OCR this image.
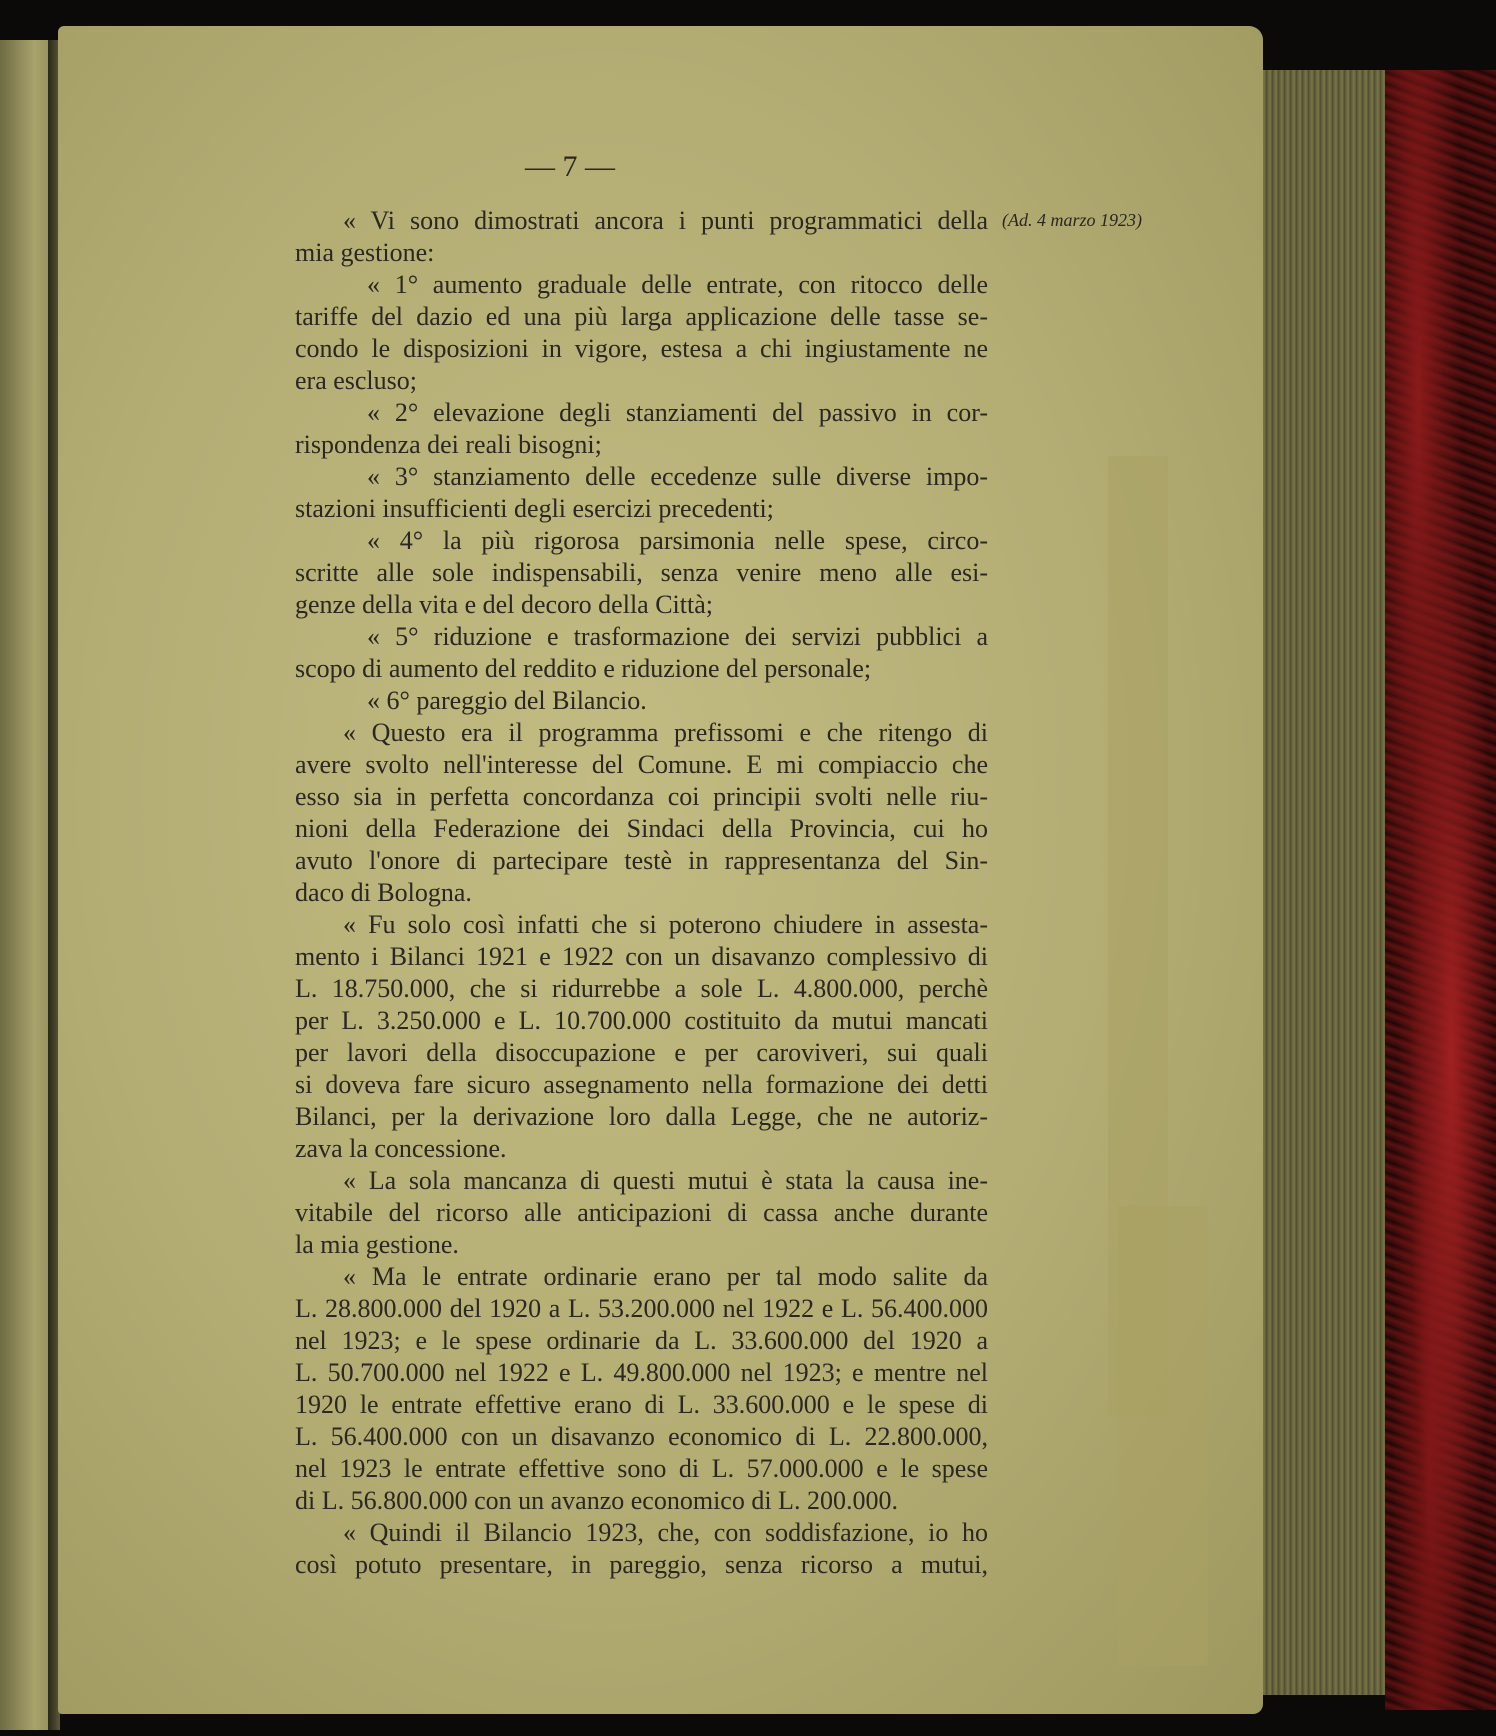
— 7 —
(Ad. 4 marzo 1923)
« Vi sono dimostrati ancora i punti programmatici della
mia gestione:
« 1° aumento graduale delle entrate, con ritocco delle
tariffe del dazio ed una più larga applicazione delle tasse se-
condo le disposizioni in vigore, estesa a chi ingiustamente ne
era escluso;
« 2° elevazione degli stanziamenti del passivo in cor-
rispondenza dei reali bisogni;
« 3° stanziamento delle eccedenze sulle diverse impo-
stazioni insufficienti degli esercizi precedenti;
« 4° la più rigorosa parsimonia nelle spese, circo-
scritte alle sole indispensabili, senza venire meno alle esi-
genze della vita e del decoro della Città;
« 5° riduzione e trasformazione dei servizi pubblici a
scopo di aumento del reddito e riduzione del personale;
« 6° pareggio del Bilancio.
« Questo era il programma prefissomi e che ritengo di
avere svolto nell'interesse del Comune. E mi compiaccio che
esso sia in perfetta concordanza coi principii svolti nelle riu-
nioni della Federazione dei Sindaci della Provincia, cui ho
avuto l'onore di partecipare testè in rappresentanza del Sin-
daco di Bologna.
« Fu solo così infatti che si poterono chiudere in assesta-
mento i Bilanci 1921 e 1922 con un disavanzo complessivo di
L. 18.750.000, che si ridurrebbe a sole L. 4.800.000, perchè
per L. 3.250.000 e L. 10.700.000 costituito da mutui mancati
per lavori della disoccupazione e per caroviveri, sui quali
si doveva fare sicuro assegnamento nella formazione dei detti
Bilanci, per la derivazione loro dalla Legge, che ne autoriz-
zava la concessione.
« La sola mancanza di questi mutui è stata la causa ine-
vitabile del ricorso alle anticipazioni di cassa anche durante
la mia gestione.
« Ma le entrate ordinarie erano per tal modo salite da
L. 28.800.000 del 1920 a L. 53.200.000 nel 1922 e L. 56.400.000
nel 1923; e le spese ordinarie da L. 33.600.000 del 1920 a
L. 50.700.000 nel 1922 e L. 49.800.000 nel 1923; e mentre nel
1920 le entrate effettive erano di L. 33.600.000 e le spese di
L. 56.400.000 con un disavanzo economico di L. 22.800.000,
nel 1923 le entrate effettive sono di L. 57.000.000 e le spese
di L. 56.800.000 con un avanzo economico di L. 200.000.
« Quindi il Bilancio 1923, che, con soddisfazione, io ho
così potuto presentare, in pareggio, senza ricorso a mutui,
